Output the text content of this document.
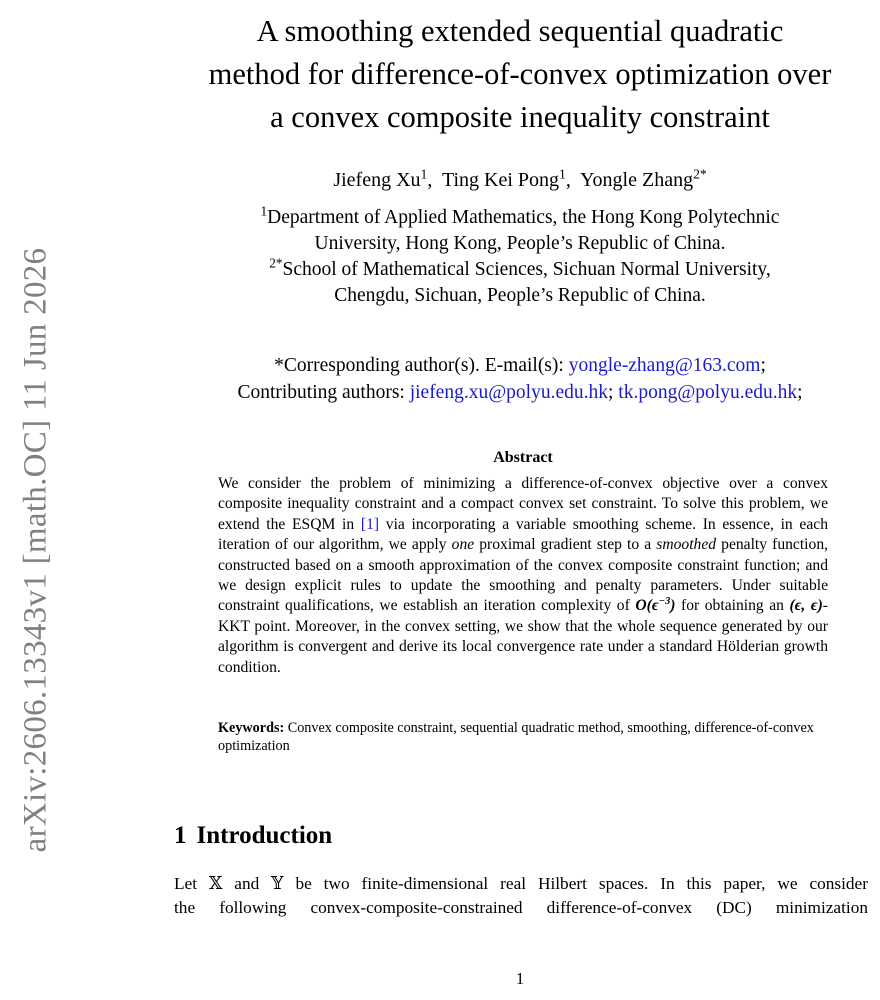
arXiv:2606.13343v1 [math.OC] 11 Jun 2026
A smoothing extended sequential quadratic
method for difference-of-convex optimization over
a convex composite inequality constraint
Jiefeng Xu$^1$,  Ting Kei Pong$^1$,  Yongle Zhang$^{2*}$
$^1$Department of Applied Mathematics, the Hong Kong Polytechnic
University, Hong Kong, People’s Republic of China.
$^{2*}$School of Mathematical Sciences, Sichuan Normal University,
Chengdu, Sichuan, People’s Republic of China.
*Corresponding author(s). E-mail(s): yongle-zhang@163.com;
Contributing authors: jiefeng.xu@polyu.edu.hk; tk.pong@polyu.edu.hk;
Abstract
We consider the problem of minimizing a difference-of-convex objective over a convex composite inequality constraint and a compact convex set constraint. To solve this problem, we extend the ESQM in [1] via incorporating a variable smoothing scheme. In essence, in each iteration of our algorithm, we apply one proximal gradient step to a smoothed penalty function, constructed based on a smooth approximation of the convex composite constraint function; and we design explicit rules to update the smoothing and penalty parameters. Under suitable constraint qualifications, we establish an iteration complexity of $O(\epsilon^{-3})$ for obtaining an (ϵ, ϵ)-KKT point. Moreover, in the convex setting, we show that the whole sequence generated by our algorithm is convergent and derive its local convergence rate under a standard Hölderian growth condition.
Keywords: Convex composite constraint, sequential quadratic method, smoothing, difference-of-convex optimization
1 Introduction
Let 𝕏 and 𝕐 be two finite-dimensional real Hilbert spaces. In this paper, we consider
the following convex-composite-constrained difference-of-convex (DC) minimization
1
